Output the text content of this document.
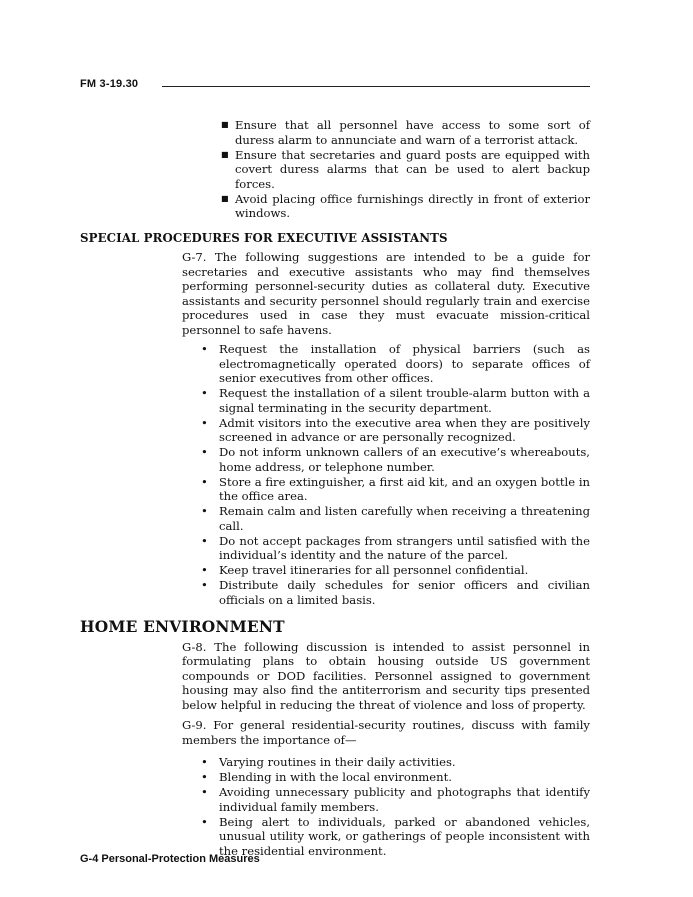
FM 3-19.30
■ Ensure that all personnel have access to some sort of duress alarm to annunciate and warn of a terrorist attack.
■ Ensure that secretaries and guard posts are equipped with covert duress alarms that can be used to alert backup forces.
■ Avoid placing office furnishings directly in front of exterior windows.
SPECIAL PROCEDURES FOR EXECUTIVE ASSISTANTS
G-7. The following suggestions are intended to be a guide for secretaries and executive assistants who may find themselves performing personnel-security duties as collateral duty. Executive assistants and security personnel should regularly train and exercise procedures used in case they must evacuate mission-critical personnel to safe havens.
• Request the installation of physical barriers (such as electromagnetically operated doors) to separate offices of senior executives from other offices.
• Request the installation of a silent trouble-alarm button with a signal terminating in the security department.
• Admit visitors into the executive area when they are positively screened in advance or are personally recognized.
• Do not inform unknown callers of an executive’s whereabouts, home address, or telephone number.
• Store a fire extinguisher, a first aid kit, and an oxygen bottle in the office area.
• Remain calm and listen carefully when receiving a threatening call.
• Do not accept packages from strangers until satisfied with the individual’s identity and the nature of the parcel.
• Keep travel itineraries for all personnel confidential.
• Distribute daily schedules for senior officers and civilian officials on a limited basis.
HOME ENVIRONMENT
G-8. The following discussion is intended to assist personnel in formulating plans to obtain housing outside US government compounds or DOD facilities. Personnel assigned to government housing may also find the antiterrorism and security tips presented below helpful in reducing the threat of violence and loss of property.
G-9. For general residential-security routines, discuss with family members the importance of—
• Varying routines in their daily activities.
• Blending in with the local environment.
• Avoiding unnecessary publicity and photographs that identify individual family members.
• Being alert to individuals, parked or abandoned vehicles, unusual utility work, or gatherings of people inconsistent with the residential environment.
G-4 Personal-Protection Measures
